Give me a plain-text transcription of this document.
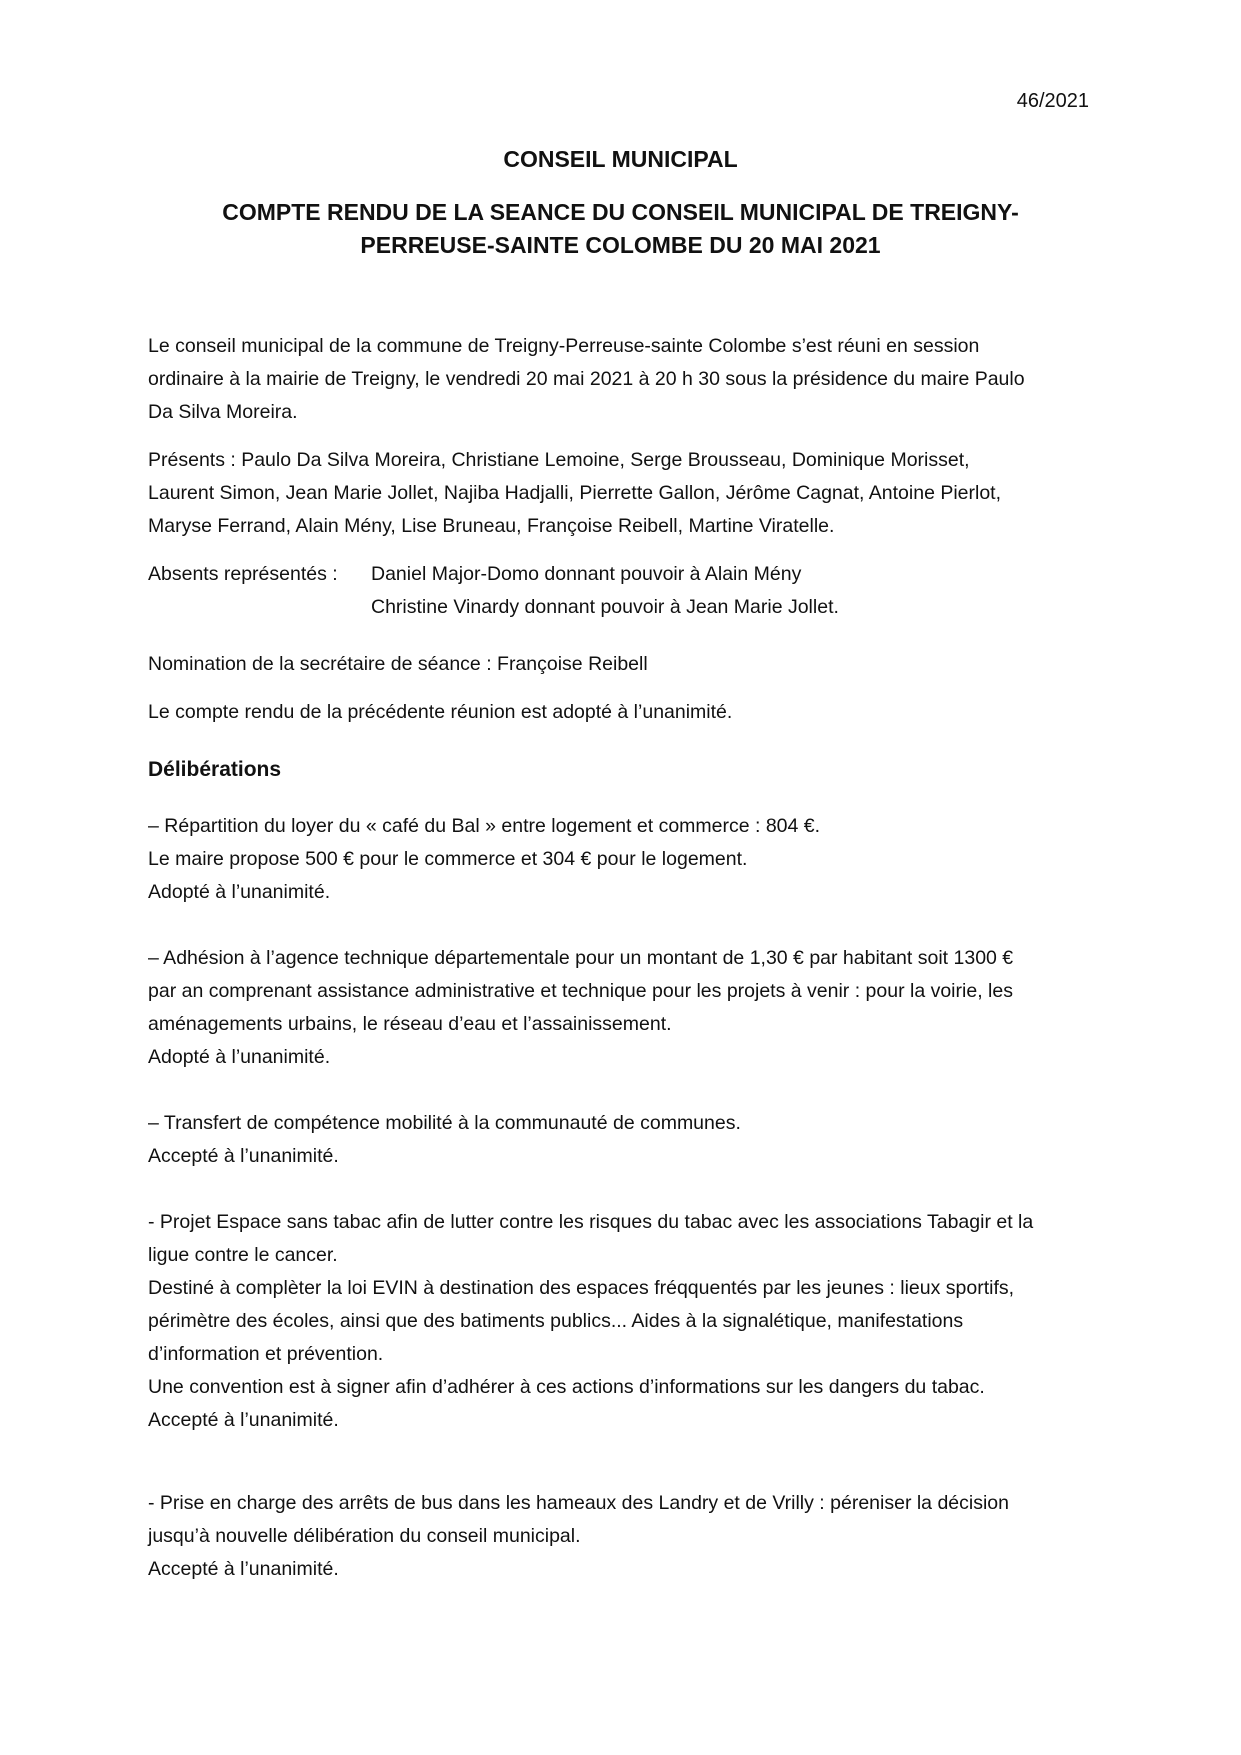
46/2021
CONSEIL MUNICIPAL
COMPTE RENDU DE LA SEANCE DU CONSEIL MUNICIPAL DE TREIGNY-
PERREUSE-SAINTE COLOMBE DU 20 MAI 2021

Le conseil municipal de la commune de Treigny-Perreuse-sainte Colombe s’est réuni en session
ordinaire à la mairie de Treigny, le vendredi 20 mai 2021 à 20 h 30 sous la présidence du maire Paulo
Da Silva Moreira.

Présents : Paulo Da Silva Moreira, Christiane Lemoine, Serge Brousseau, Dominique Morisset,
Laurent Simon, Jean Marie Jollet, Najiba Hadjalli, Pierrette Gallon, Jérôme Cagnat, Antoine Pierlot,
Maryse Ferrand, Alain Mény, Lise Bruneau, Françoise Reibell, Martine Viratelle.

Absents représentés :	Daniel Major-Domo donnant pouvoir à Alain Mény
Christine Vinardy donnant pouvoir à Jean Marie Jollet.

Nomination de la secrétaire de séance : Françoise Reibell

Le compte rendu de la précédente réunion est adopté à l’unanimité.

Délibérations

– Répartition du loyer du « café du Bal » entre logement et commerce : 804 €.
Le maire propose 500 € pour le commerce et 304 € pour le logement.
Adopté à l’unanimité.

– Adhésion à l’agence technique départementale pour un montant de 1,30 € par habitant soit 1300 €
par an comprenant assistance administrative et technique pour les projets à venir : pour la voirie, les
aménagements urbains, le réseau d’eau et l’assainissement.
Adopté à l’unanimité.

– Transfert de compétence mobilité à la communauté de communes.
Accepté à l’unanimité.

- Projet Espace sans tabac afin de lutter contre les risques du tabac avec les associations Tabagir et la
ligue contre le cancer.
Destiné à complèter la loi EVIN à destination des espaces fréqquentés par les jeunes : lieux sportifs,
périmètre des écoles, ainsi que des batiments publics... Aides à la signalétique, manifestations
d’information et prévention.
Une convention est à signer afin d’adhérer à ces actions d’informations sur les dangers du tabac.
Accepté à l’unanimité.

- Prise en charge des arrêts de bus dans les hameaux des Landry et de Vrilly : péreniser la décision
jusqu’à nouvelle délibération du conseil municipal.
Accepté à l’unanimité.
